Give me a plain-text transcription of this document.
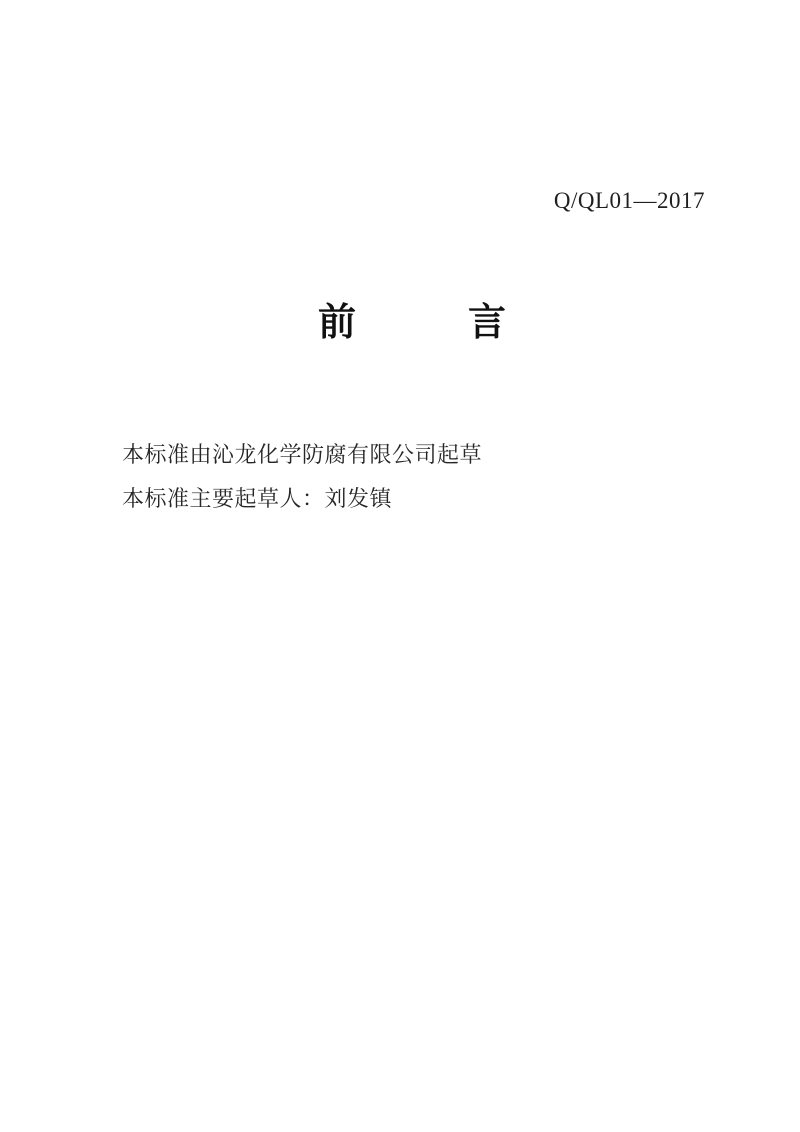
Q/QL01—2017
前	言

本标准由沁龙化学防腐有限公司起草

本标准主要起草人：刘发镇
